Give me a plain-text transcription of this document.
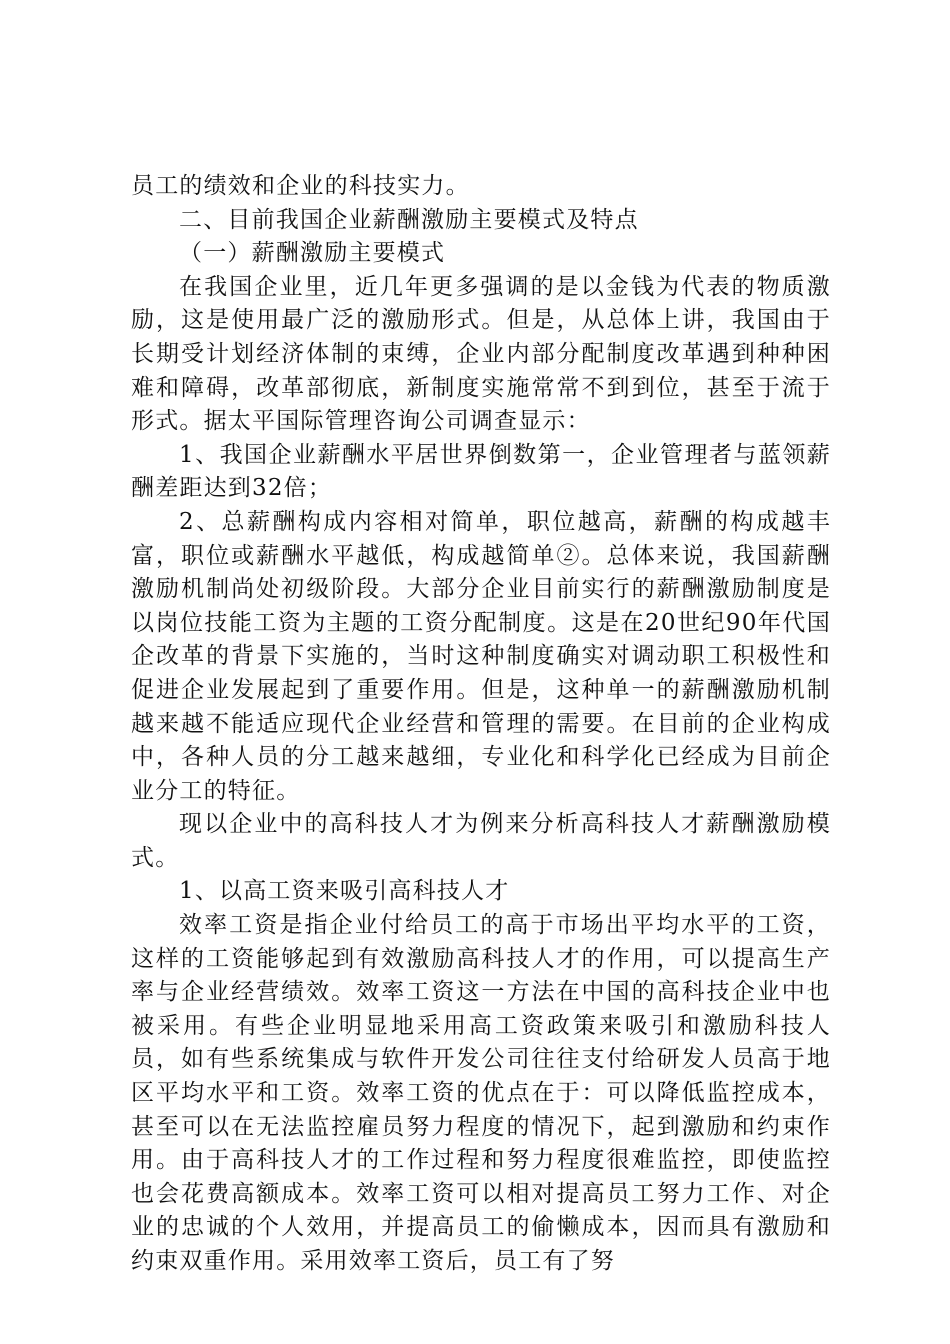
员工的绩效和企业的科技实力。

二、目前我国企业薪酬激励主要模式及特点

（一）薪酬激励主要模式

在我国企业里，近几年更多强调的是以金钱为代表的物质激励，这是使用最广泛的激励形式。但是，从总体上讲，我国由于长期受计划经济体制的束缚，企业内部分配制度改革遇到种种困难和障碍，改革部彻底，新制度实施常常不到到位，甚至于流于形式。据太平国际管理咨询公司调查显示：

1、我国企业薪酬水平居世界倒数第一，企业管理者与蓝领薪酬差距达到32倍；

2、总薪酬构成内容相对简单，职位越高，薪酬的构成越丰富，职位或薪酬水平越低，构成越简单②。总体来说，我国薪酬激励机制尚处初级阶段。大部分企业目前实行的薪酬激励制度是以岗位技能工资为主题的工资分配制度。这是在20世纪90年代国企改革的背景下实施的，当时这种制度确实对调动职工积极性和促进企业发展起到了重要作用。但是，这种单一的薪酬激励机制越来越不能适应现代企业经营和管理的需要。在目前的企业构成中，各种人员的分工越来越细，专业化和科学化已经成为目前企业分工的特征。

现以企业中的高科技人才为例来分析高科技人才薪酬激励模式。

1、以高工资来吸引高科技人才

效率工资是指企业付给员工的高于市场出平均水平的工资，这样的工资能够起到有效激励高科技人才的作用，可以提高生产率与企业经营绩效。效率工资这一方法在中国的高科技企业中也被采用。有些企业明显地采用高工资政策来吸引和激励科技人员，如有些系统集成与软件开发公司往往支付给研发人员高于地区平均水平和工资。效率工资的优点在于：可以降低监控成本，甚至可以在无法监控雇员努力程度的情况下，起到激励和约束作用。由于高科技人才的工作过程和努力程度很难监控，即使监控也会花费高额成本。效率工资可以相对提高员工努力工作、对企业的忠诚的个人效用，并提高员工的偷懒成本，因而具有激励和约束双重作用。采用效率工资后，员工有了努
